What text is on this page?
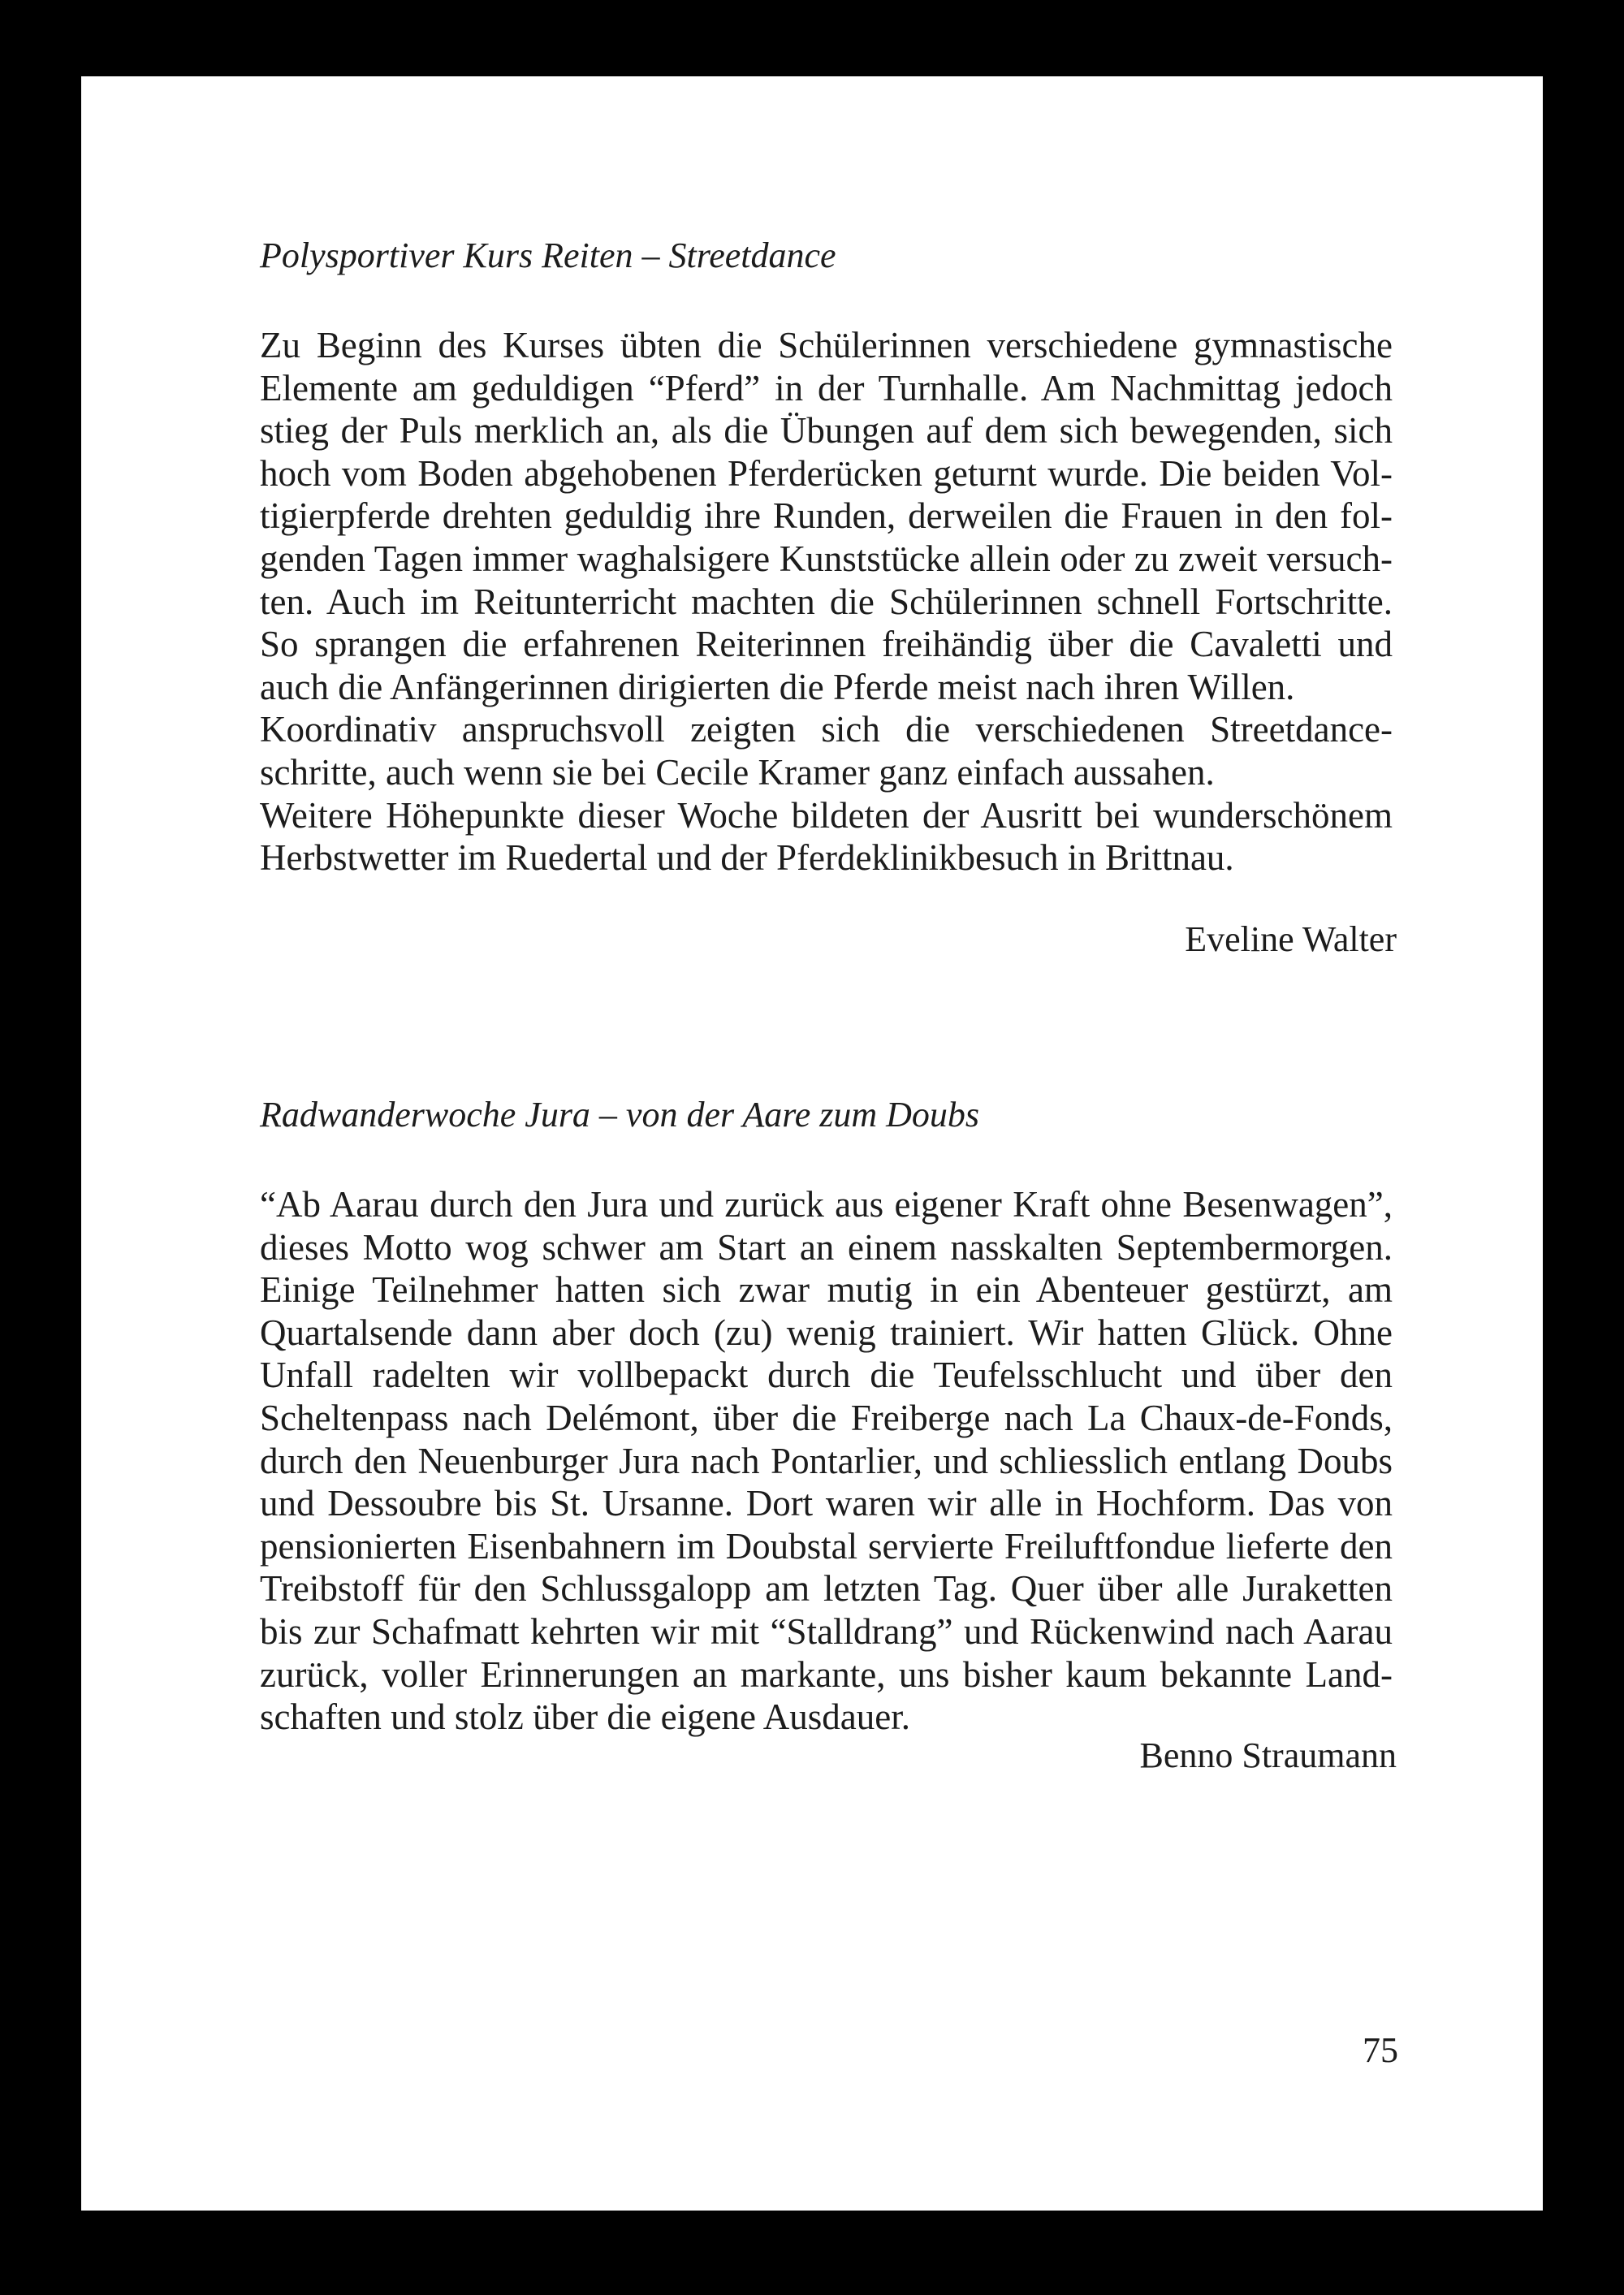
Polysportiver Kurs Reiten – Streetdance
Zu Beginn des Kurses übten die Schülerinnen verschiedene gymnastische
Elemente am geduldigen “Pferd” in der Turnhalle. Am Nachmittag jedoch
stieg der Puls merklich an, als die Übungen auf dem sich bewegenden, sich
hoch vom Boden abgehobenen Pferderücken geturnt wurde. Die beiden Vol-
tigierpferde drehten geduldig ihre Runden, derweilen die Frauen in den fol-
genden Tagen immer waghalsigere Kunststücke allein oder zu zweit versuch-
ten. Auch im Reitunterricht machten die Schülerinnen schnell Fortschritte.
So sprangen die erfahrenen Reiterinnen freihändig über die Cavaletti und
auch die Anfängerinnen dirigierten die Pferde meist nach ihren Willen.
Koordinativ anspruchsvoll zeigten sich die verschiedenen Streetdance-
schritte, auch wenn sie bei Cecile Kramer ganz einfach aussahen.
Weitere Höhepunkte dieser Woche bildeten der Ausritt bei wunderschönem
Herbstwetter im Ruedertal und der Pferdeklinikbesuch in Brittnau.
Eveline Walter
Radwanderwoche Jura – von der Aare zum Doubs
“Ab Aarau durch den Jura und zurück aus eigener Kraft ohne Besenwagen”,
dieses Motto wog schwer am Start an einem nasskalten Septembermorgen.
Einige Teilnehmer hatten sich zwar mutig in ein Abenteuer gestürzt, am
Quartalsende dann aber doch (zu) wenig trainiert. Wir hatten Glück. Ohne
Unfall radelten wir vollbepackt durch die Teufelsschlucht und über den
Scheltenpass nach Delémont, über die Freiberge nach La Chaux-de-Fonds,
durch den Neuenburger Jura nach Pontarlier, und schliesslich entlang Doubs
und Dessoubre bis St. Ursanne. Dort waren wir alle in Hochform. Das von
pensionierten Eisenbahnern im Doubstal servierte Freiluftfondue lieferte den
Treibstoff für den Schlussgalopp am letzten Tag. Quer über alle Juraketten
bis zur Schafmatt kehrten wir mit “Stalldrang” und Rückenwind nach Aarau
zurück, voller Erinnerungen an markante, uns bisher kaum bekannte Land-
schaften und stolz über die eigene Ausdauer.
Benno Straumann
75
